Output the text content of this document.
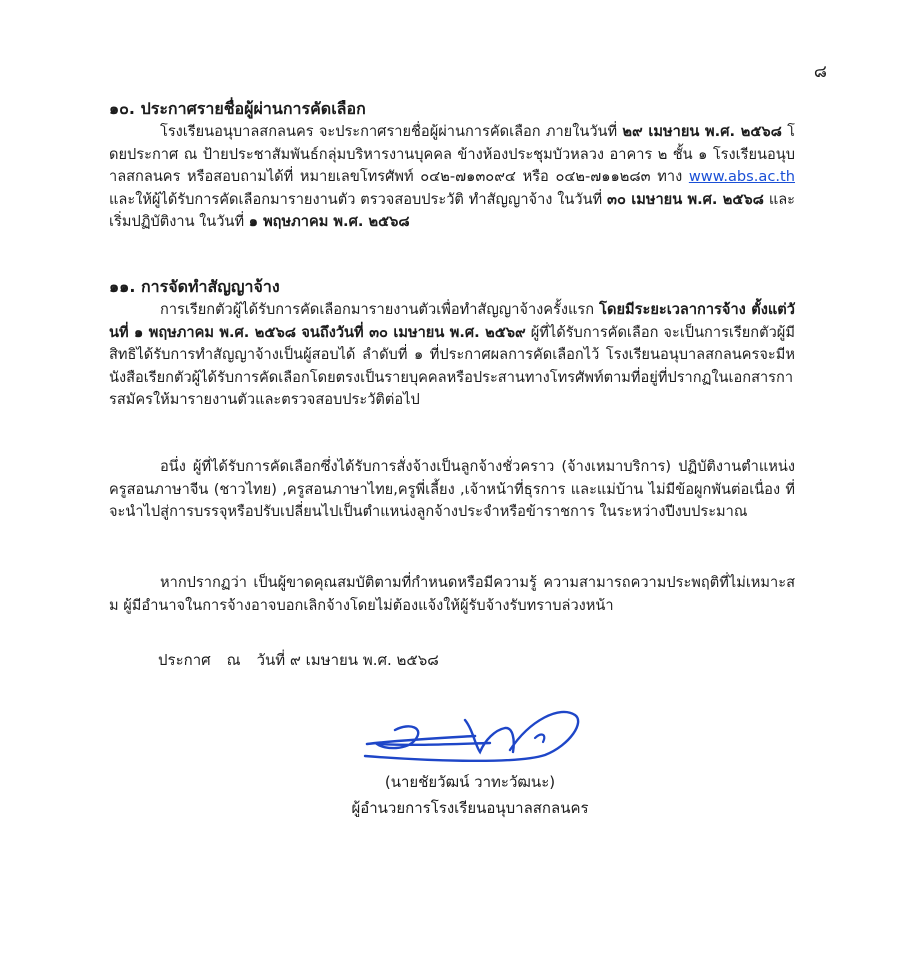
๘
๑๐. ประกาศรายชื่อผู้ผ่านการคัดเลือก
โรงเรียนอนุบาลสกลนคร จะประกาศรายชื่อผู้ผ่านการคัดเลือก ภายในวันที่ ๒๙ เมษายน พ.ศ. ๒๕๖๘ โดยประกาศ ณ ป้ายประชาสัมพันธ์กลุ่มบริหารงานบุคคล ข้างห้องประชุมบัวหลวง อาคาร ๒ ชั้น ๑ โรงเรียนอนุบาลสกลนคร หรือสอบถามได้ที่ หมายเลขโทรศัพท์ ๐๔๒-๗๑๓๐๙๔ หรือ ๐๔๒-๗๑๑๒๘๓ ทาง www.abs.ac.th และให้ผู้ได้รับการคัดเลือกมารายงานตัว ตรวจสอบประวัติ ทำสัญญาจ้าง ในวันที่ ๓๐ เมษายน พ.ศ. ๒๕๖๘ และเริ่มปฏิบัติงาน ในวันที่ ๑ พฤษภาคม พ.ศ. ๒๕๖๘
๑๑. การจัดทำสัญญาจ้าง
การเรียกตัวผู้ได้รับการคัดเลือกมารายงานตัวเพื่อทำสัญญาจ้างครั้งแรก โดยมีระยะเวลาการจ้าง ตั้งแต่วันที่ ๑ พฤษภาคม พ.ศ. ๒๕๖๘ จนถึงวันที่ ๓๐ เมษายน พ.ศ. ๒๕๖๙ ผู้ที่ได้รับการคัดเลือก จะเป็นการเรียกตัวผู้มีสิทธิได้รับการทำสัญญาจ้างเป็นผู้สอบได้ ลำดับที่ ๑ ที่ประกาศผลการคัดเลือกไว้ โรงเรียนอนุบาลสกลนครจะมีหนังสือเรียกตัวผู้ได้รับการคัดเลือกโดยตรงเป็นรายบุคคลหรือประสานทางโทรศัพท์ตามที่อยู่ที่ปรากฏในเอกสารการสมัครให้มารายงานตัวและตรวจสอบประวัติต่อไป
อนึ่ง ผู้ที่ได้รับการคัดเลือกซึ่งได้รับการสั่งจ้างเป็นลูกจ้างชั่วคราว (จ้างเหมาบริการ) ปฏิบัติงานตำแหน่งครูสอนภาษาจีน (ชาวไทย) ,ครูสอนภาษาไทย,ครูพี่เลี้ยง ,เจ้าหน้าที่ธุรการ และแม่บ้าน ไม่มีข้อผูกพันต่อเนื่อง ที่จะนำไปสู่การบรรจุหรือปรับเปลี่ยนไปเป็นตำแหน่งลูกจ้างประจำหรือข้าราชการ ในระหว่างปีงบประมาณ
หากปรากฏว่า เป็นผู้ขาดคุณสมบัติตามที่กำหนดหรือมีความรู้ ความสามารถความประพฤติที่ไม่เหมาะสม ผู้มีอำนาจในการจ้างอาจบอกเลิกจ้างโดยไม่ต้องแจ้งให้ผู้รับจ้างรับทราบล่วงหน้า
ประกาศ ณ วันที่ ๙ เมษายน พ.ศ. ๒๕๖๘
(นายชัยวัฒน์ วาทะวัฒนะ)
ผู้อำนวยการโรงเรียนอนุบาลสกลนคร
